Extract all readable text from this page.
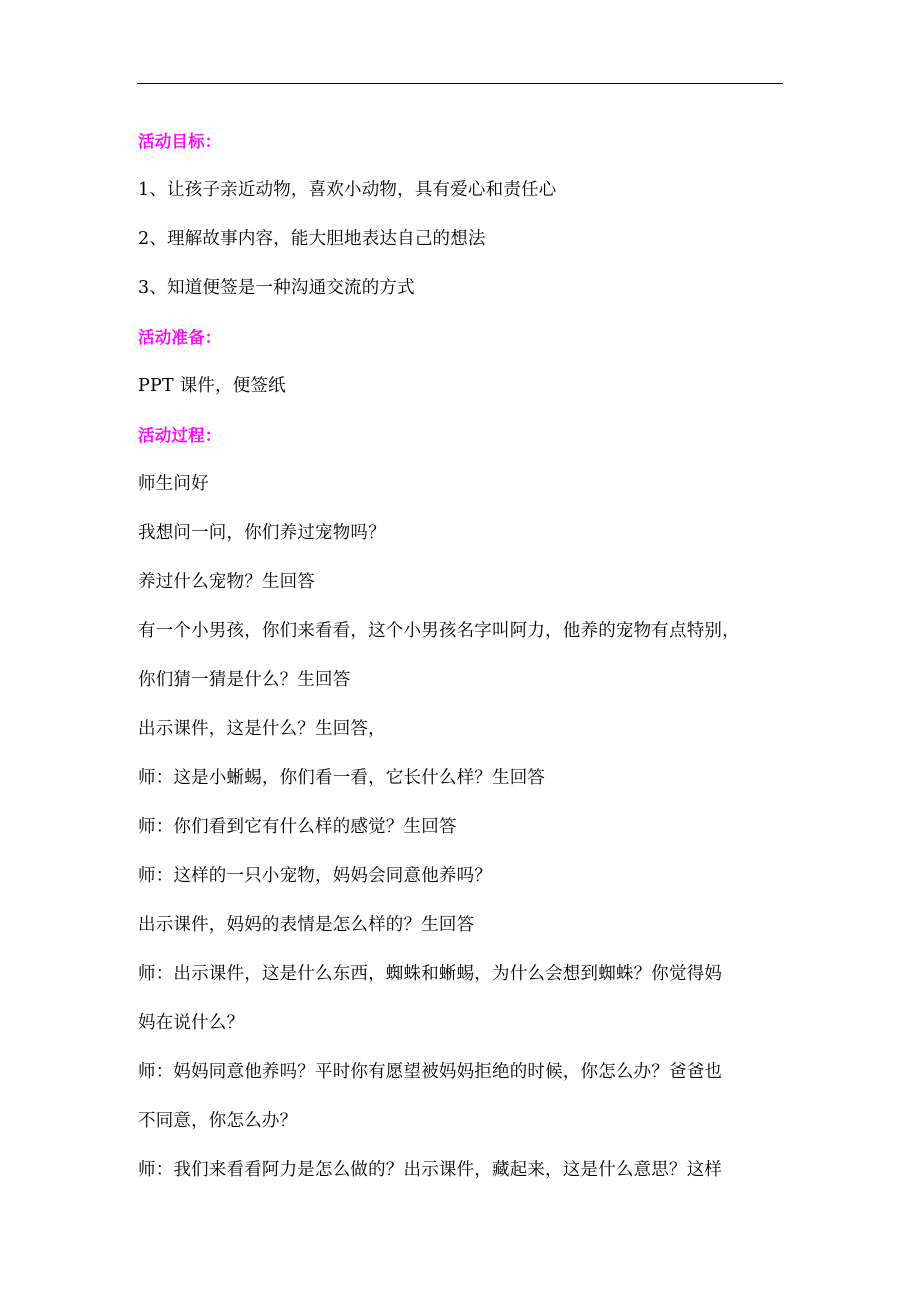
活动目标：
1、让孩子亲近动物，喜欢小动物，具有爱心和责任心
2、理解故事内容，能大胆地表达自己的想法
3、知道便签是一种沟通交流的方式
活动准备：
PPT 课件，便签纸
活动过程：
师生问好
我想问一问，你们养过宠物吗？
养过什么宠物？生回答
有一个小男孩，你们来看看，这个小男孩名字叫阿力，他养的宠物有点特别，
你们猜一猜是什么？生回答
出示课件，这是什么？生回答，
师：这是小蜥蜴，你们看一看，它长什么样？生回答
师：你们看到它有什么样的感觉？生回答
师：这样的一只小宠物，妈妈会同意他养吗？
出示课件，妈妈的表情是怎么样的？生回答
师：出示课件，这是什么东西，蜘蛛和蜥蜴，为什么会想到蜘蛛？你觉得妈
妈在说什么？
师：妈妈同意他养吗？平时你有愿望被妈妈拒绝的时候，你怎么办？爸爸也
不同意，你怎么办？
师：我们来看看阿力是怎么做的？出示课件，藏起来，这是什么意思？这样
